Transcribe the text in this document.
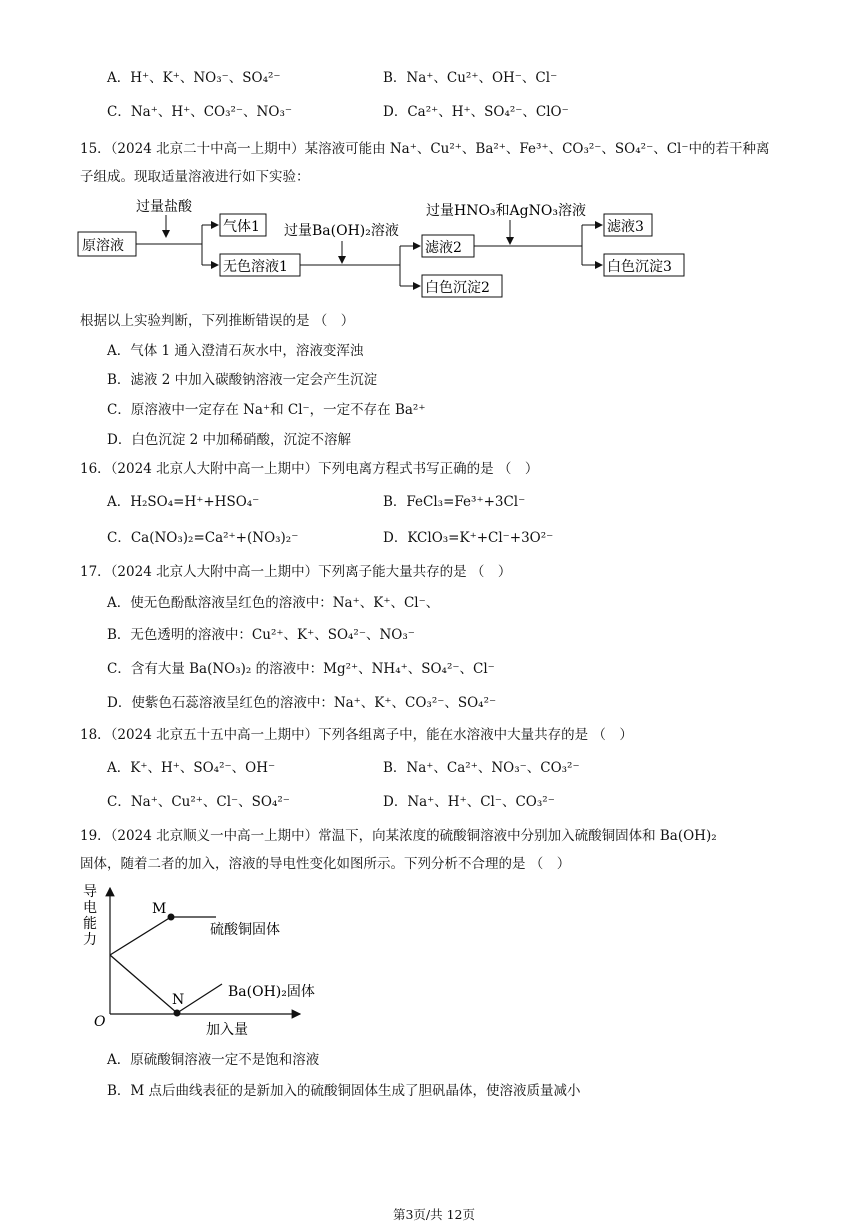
A．H⁺、K⁺、NO₃⁻、SO₄²⁻	B．Na⁺、Cu²⁺、OH⁻、Cl⁻
C．Na⁺、H⁺、CO₃²⁻、NO₃⁻	D．Ca²⁺、H⁺、SO₄²⁻、ClO⁻
15．（2024 北京二十中高一上期中）某溶液可能由 Na⁺、Cu²⁺、Ba²⁺、Fe³⁺、CO₃²⁻、SO₄²⁻、Cl⁻中的若干种离
子组成。现取适量溶液进行如下实验：
过量盐酸
原溶液
气体1
无色溶液1
过量Ba(OH)₂溶液
滤液2
白色沉淀2
过量HNO₃和AgNO₃溶液
滤液3
白色沉淀3
根据以上实验判断，下列推断错误的是 （　）
A．气体 1 通入澄清石灰水中，溶液变浑浊
B．滤液 2 中加入碳酸钠溶液一定会产生沉淀
C．原溶液中一定存在 Na⁺和 Cl⁻，一定不存在 Ba²⁺
D．白色沉淀 2 中加稀硝酸，沉淀不溶解
16．（2024 北京人大附中高一上期中）下列电离方程式书写正确的是 （　）
A．H₂SO₄=H⁺+HSO₄⁻	B．FeCl₃=Fe³⁺+3Cl⁻
C．Ca(NO₃)₂=Ca²⁺+(NO₃)₂⁻	D．KClO₃=K⁺+Cl⁻+3O²⁻
17．（2024 北京人大附中高一上期中）下列离子能大量共存的是 （　）
A．使无色酚酞溶液呈红色的溶液中：Na⁺、K⁺、Cl⁻、
B．无色透明的溶液中：Cu²⁺、K⁺、SO₄²⁻、NO₃⁻
C．含有大量 Ba(NO₃)₂ 的溶液中：Mg²⁺、NH₄⁺、SO₄²⁻、Cl⁻
D．使紫色石蕊溶液呈红色的溶液中：Na⁺、K⁺、CO₃²⁻、SO₄²⁻
18．（2024 北京五十五中高一上期中）下列各组离子中，能在水溶液中大量共存的是 （　）
A．K⁺、H⁺、SO₄²⁻、OH⁻	B．Na⁺、Ca²⁺、NO₃⁻、CO₃²⁻
C．Na⁺、Cu²⁺、Cl⁻、SO₄²⁻	D．Na⁺、H⁺、Cl⁻、CO₃²⁻
19．（2024 北京顺义一中高一上期中）常温下，向某浓度的硫酸铜溶液中分别加入硫酸铜固体和 Ba(OH)₂
固体，随着二者的加入，溶液的导电性变化如图所示。下列分析不合理的是 （　）
导
电
能
力
O	加入量
M
硫酸铜固体
N	Ba(OH)₂固体
A．原硫酸铜溶液一定不是饱和溶液
B．M 点后曲线表征的是新加入的硫酸铜固体生成了胆矾晶体，使溶液质量减小
第3页/共 12页
